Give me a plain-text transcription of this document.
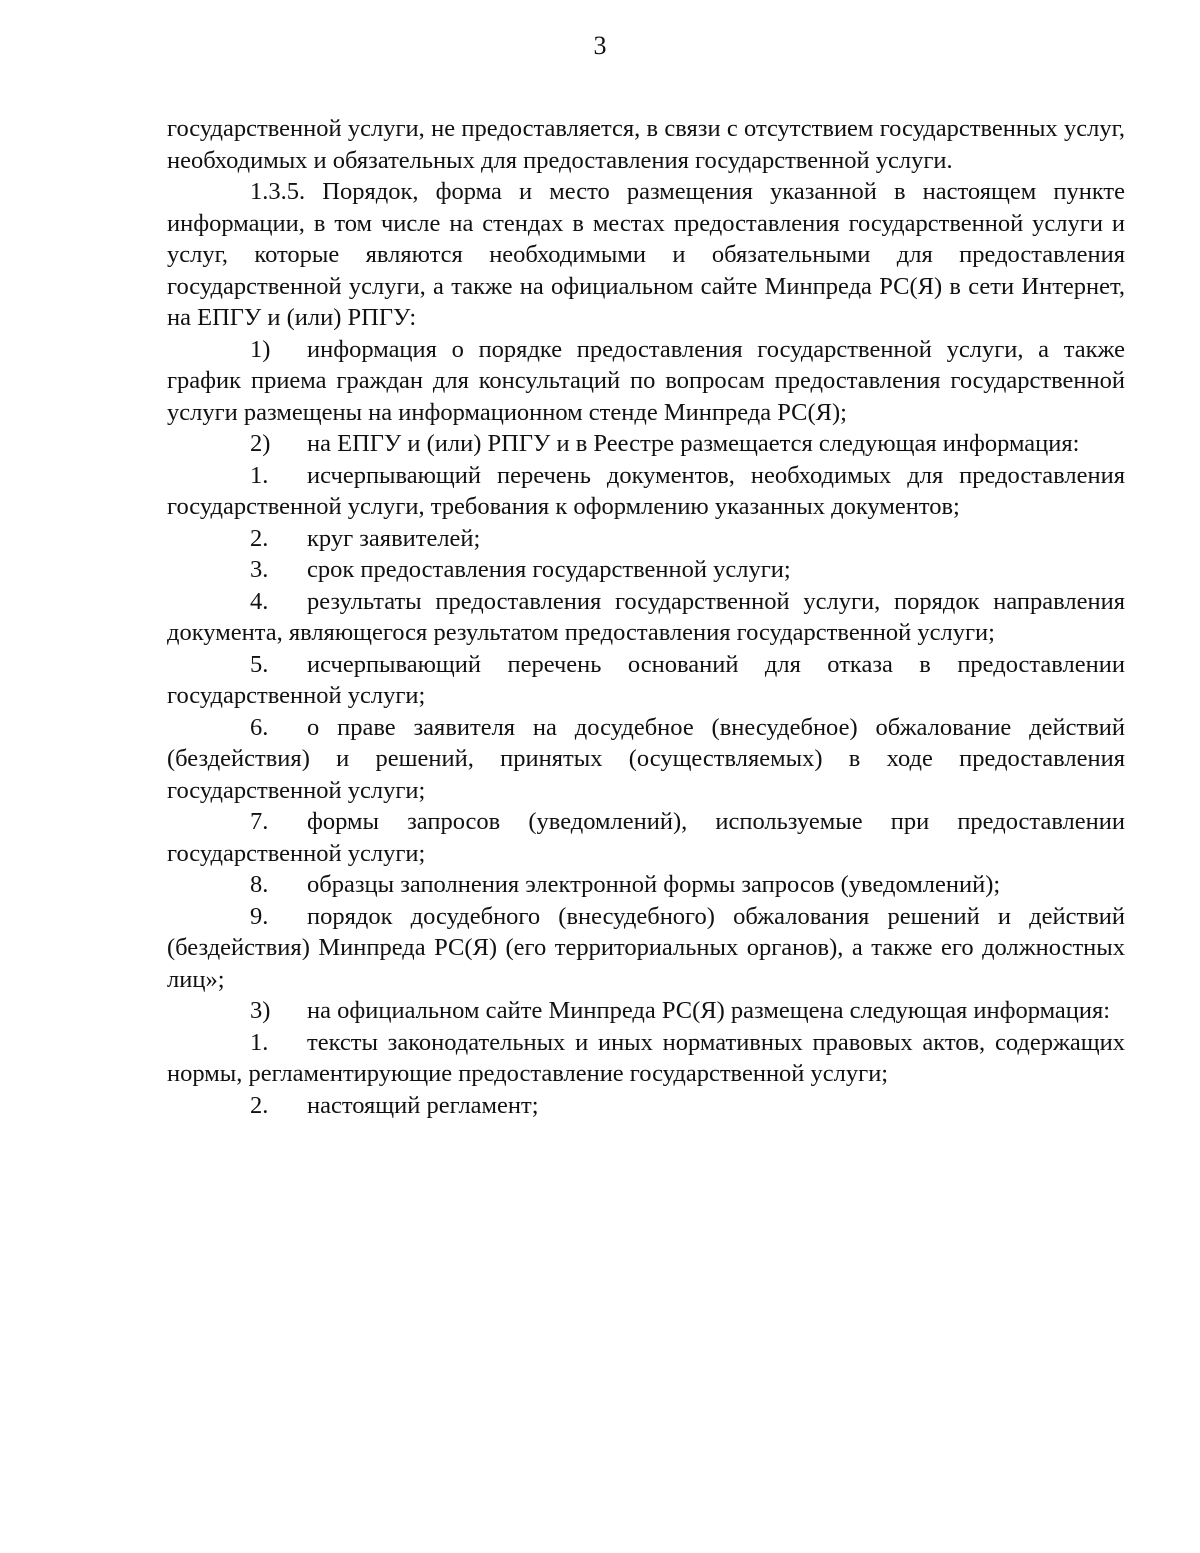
3

государственной услуги, не предоставляется, в связи с отсутствием государственных услуг, необходимых и обязательных для предоставления государственной услуги.

1.3.5. Порядок, форма и место размещения указанной в настоящем пункте информации, в том числе на стендах в местах предоставления государственной услуги и услуг, которые являются необходимыми и обязательными для предоставления государственной услуги, а также на официальном сайте Минпреда РС(Я) в сети Интернет, на ЕПГУ и (или) РПГУ:

1) информация о порядке предоставления государственной услуги, а также график приема граждан для консультаций по вопросам предоставления государственной услуги размещены на информационном стенде Минпреда РС(Я);

2) на ЕПГУ и (или) РПГУ и в Реестре размещается следующая информация:

1. исчерпывающий перечень документов, необходимых для предоставления государственной услуги, требования к оформлению указанных документов;

2. круг заявителей;

3. срок предоставления государственной услуги;

4. результаты предоставления государственной услуги, порядок направления документа, являющегося результатом предоставления государственной услуги;

5. исчерпывающий перечень оснований для отказа в предоставлении государственной услуги;

6. о праве заявителя на досудебное (внесудебное) обжалование действий (бездействия) и решений, принятых (осуществляемых) в ходе предоставления государственной услуги;

7. формы запросов (уведомлений), используемые при предоставлении государственной услуги;

8. образцы заполнения электронной формы запросов (уведомлений);

9. порядок досудебного (внесудебного) обжалования решений и действий (бездействия) Минпреда РС(Я) (его территориальных органов), а также его должностных лиц»;

3) на официальном сайте Минпреда РС(Я) размещена следующая информация:

1. тексты законодательных и иных нормативных правовых актов, содержащих нормы, регламентирующие предоставление государственной услуги;

2. настоящий регламент;
